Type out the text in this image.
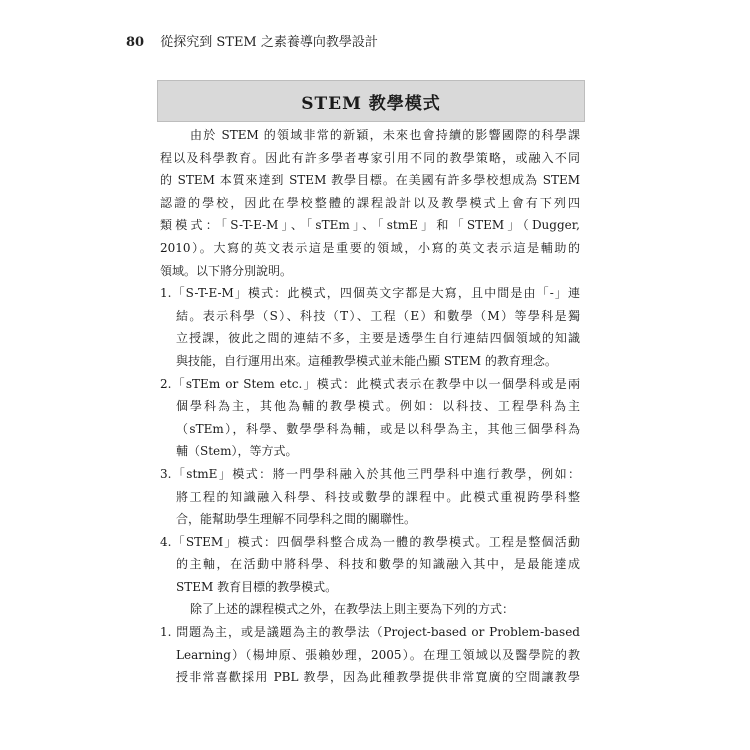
80 從探究到 STEM 之素養導向教學設計
STEM 教學模式
由於 STEM 的領域非常的新穎，未來也會持續的影響國際的科學課
程以及科學教育。因此有許多學者專家引用不同的教學策略，或融入不同
的 STEM 本質來達到 STEM 教學目標。在美國有許多學校想成為 STEM
認證的學校，因此在學校整體的課程設計以及教學模式上會有下列四
類模式：「S-T-E-M」、「sTEm」、「stmE」和「STEM」（Dugger,
2010）。大寫的英文表示這是重要的領域，小寫的英文表示這是輔助的
領域。以下將分別說明。
1.「S-T-E-M」模式：此模式，四個英文字都是大寫，且中間是由「-」連
結。表示科學（S）、科技（T）、工程（E）和數學（M）等學科是獨
立授課，彼此之間的連結不多，主要是透學生自行連結四個領域的知識
與技能，自行運用出來。這種教學模式並未能凸顯 STEM 的教育理念。
2.「sTEm or Stem etc.」模式：此模式表示在教學中以一個學科或是兩
個學科為主，其他為輔的教學模式。例如：以科技、工程學科為主
（sTEm），科學、數學學科為輔，或是以科學為主，其他三個學科為
輔（Stem），等方式。
3.「stmE」模式：將一門學科融入於其他三門學科中進行教學，例如：
將工程的知識融入科學、科技或數學的課程中。此模式重視跨學科整
合，能幫助學生理解不同學科之間的關聯性。
4.「STEM」模式：四個學科整合成為一體的教學模式。工程是整個活動
的主軸，在活動中將科學、科技和數學的知識融入其中，是最能達成
STEM 教育目標的教學模式。
除了上述的課程模式之外，在教學法上則主要為下列的方式：
1. 問題為主，或是議題為主的教學法（Project-based or Problem-based
Learning）（楊坤原、張賴妙理，2005）。在理工領域以及醫學院的教
授非常喜歡採用 PBL 教學，因為此種教學提供非常寬廣的空間讓教學
